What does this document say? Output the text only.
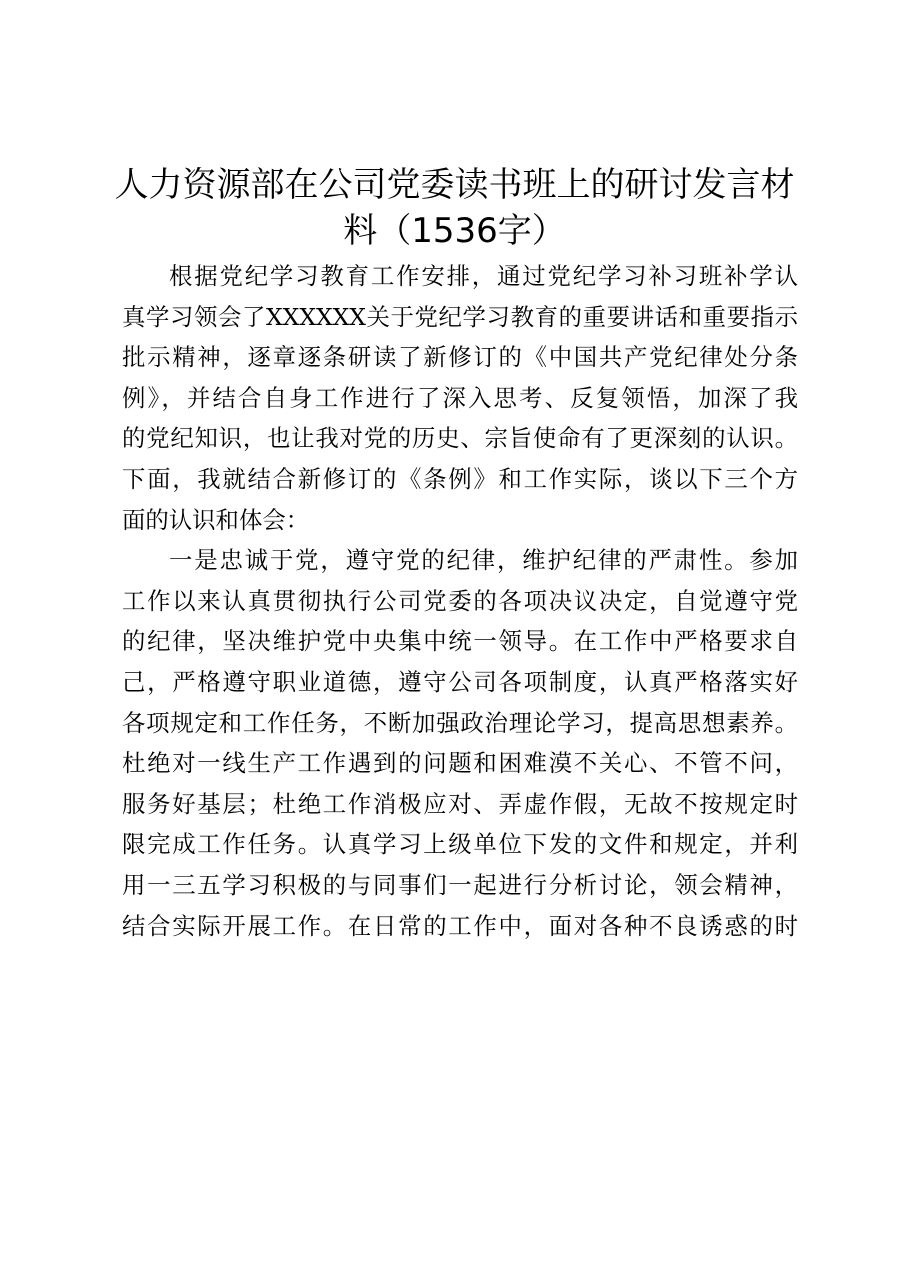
人力资源部在公司党委读书班上的研讨发言材
料（1536字）

根据党纪学习教育工作安排，通过党纪学习补习班补学认
真学习领会了XXXXXX关于党纪学习教育的重要讲话和重要指示
批示精神，逐章逐条研读了新修订的《中国共产党纪律处分条
例》，并结合自身工作进行了深入思考、反复领悟，加深了我
的党纪知识，也让我对党的历史、宗旨使命有了更深刻的认识。
下面，我就结合新修订的《条例》和工作实际，谈以下三个方
面的认识和体会：

一是忠诚于党，遵守党的纪律，维护纪律的严肃性。参加
工作以来认真贯彻执行公司党委的各项决议决定，自觉遵守党
的纪律，坚决维护党中央集中统一领导。在工作中严格要求自
己，严格遵守职业道德，遵守公司各项制度，认真严格落实好
各项规定和工作任务，不断加强政治理论学习，提高思想素养。
杜绝对一线生产工作遇到的问题和困难漠不关心、不管不问，
服务好基层；杜绝工作消极应对、弄虚作假，无故不按规定时
限完成工作任务。认真学习上级单位下发的文件和规定，并利
用一三五学习积极的与同事们一起进行分析讨论，领会精神，
结合实际开展工作。在日常的工作中，面对各种不良诱惑的时
